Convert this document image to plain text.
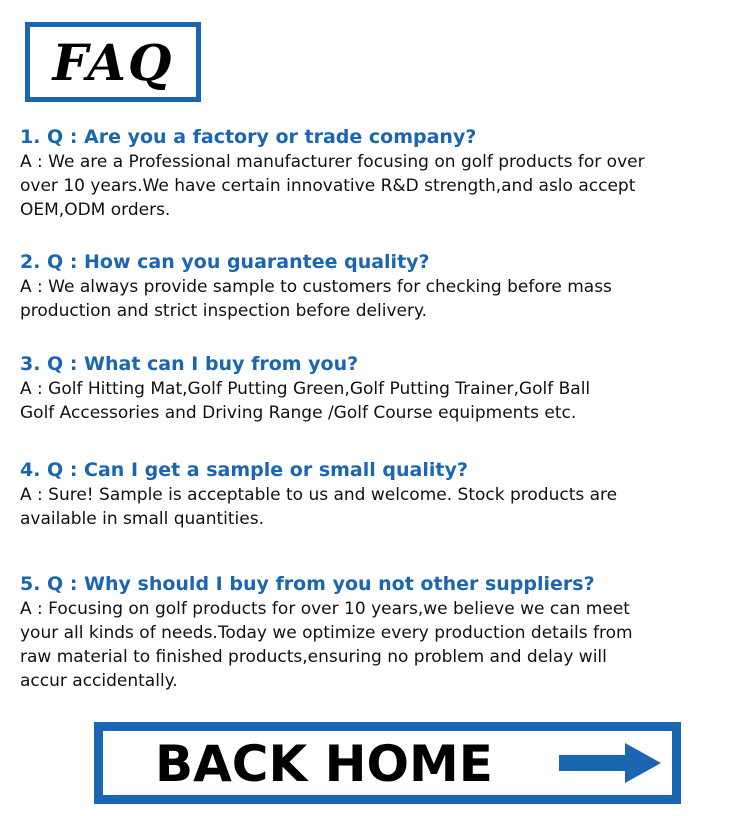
FAQ
1. Q : Are you a factory or trade company?
A : We are a Professional manufacturer focusing on golf products for over
over 10 years.We have certain innovative R&D strength,and aslo accept
OEM,ODM orders.
2. Q : How can you guarantee quality?
A : We always provide sample to customers for checking before mass
production and strict inspection before delivery.
3. Q : What can I buy from you?
A : Golf Hitting Mat,Golf Putting Green,Golf Putting Trainer,Golf Ball
Golf Accessories and Driving Range /Golf Course equipments etc.
4. Q : Can I get a sample or small quality?
A : Sure! Sample is acceptable to us and welcome. Stock products are
available in small quantities.
5. Q : Why should I buy from you not other suppliers?
A : Focusing on golf products for over 10 years,we believe we can meet
your all kinds of needs.Today we optimize every production details from
raw material to finished products,ensuring no problem and delay will
accur accidentally.
BACK HOME
